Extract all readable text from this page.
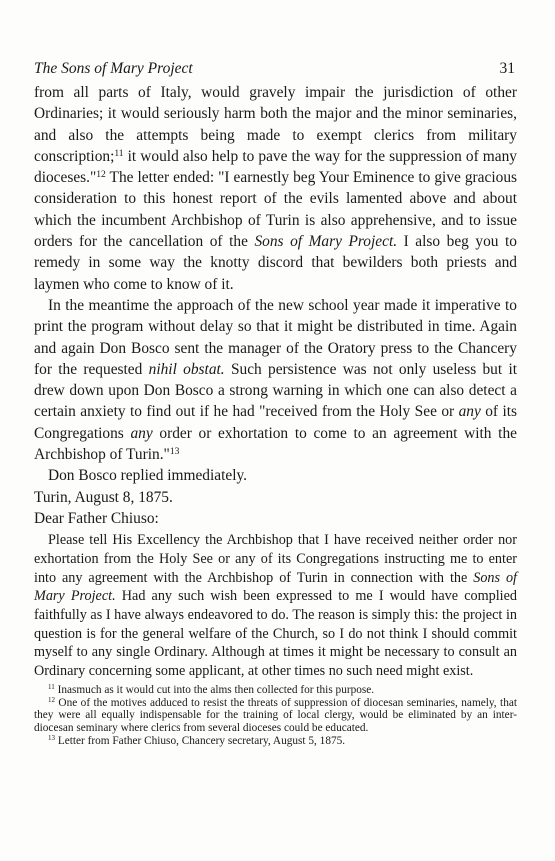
The Sons of Mary Project	31

from all parts of Italy, would gravely impair the jurisdiction of other Ordinaries; it would seriously harm both the major and the minor seminaries, and also the attempts being made to exempt clerics from military conscription;$^{11}$ it would also help to pave the way for the suppression of many dioceses."$^{12}$ The letter ended: "I earnestly beg Your Eminence to give gracious consideration to this honest report of the evils lamented above and about which the incumbent Archbishop of Turin is also apprehensive, and to issue orders for the cancellation of the Sons of Mary Project. I also beg you to remedy in some way the knotty discord that bewilders both priests and laymen who come to know of it.

In the meantime the approach of the new school year made it imperative to print the program without delay so that it might be distributed in time. Again and again Don Bosco sent the manager of the Oratory press to the Chancery for the requested nihil obstat. Such persistence was not only useless but it drew down upon Don Bosco a strong warning in which one can also detect a certain anxiety to find out if he had "received from the Holy See or any of its Congregations any order or exhortation to come to an agreement with the Archbishop of Turin."$^{13}$

Don Bosco replied immediately.

Turin, August 8, 1875.

Dear Father Chiuso:

Please tell His Excellency the Archbishop that I have received neither order nor exhortation from the Holy See or any of its Congregations instructing me to enter into any agreement with the Archbishop of Turin in connection with the Sons of Mary Project. Had any such wish been expressed to me I would have complied faithfully as I have always endeavored to do. The reason is simply this: the project in question is for the general welfare of the Church, so I do not think I should commit myself to any single Ordinary. Although at times it might be necessary to consult an Ordinary concerning some applicant, at other times no such need might exist.

$^{11}$ Inasmuch as it would cut into the alms then collected for this purpose.

$^{12}$ One of the motives adduced to resist the threats of suppression of diocesan seminaries, namely, that they were all equally indispensable for the training of local clergy, would be eliminated by an inter-diocesan seminary where clerics from several dioceses could be educated.

$^{13}$ Letter from Father Chiuso, Chancery secretary, August 5, 1875.
